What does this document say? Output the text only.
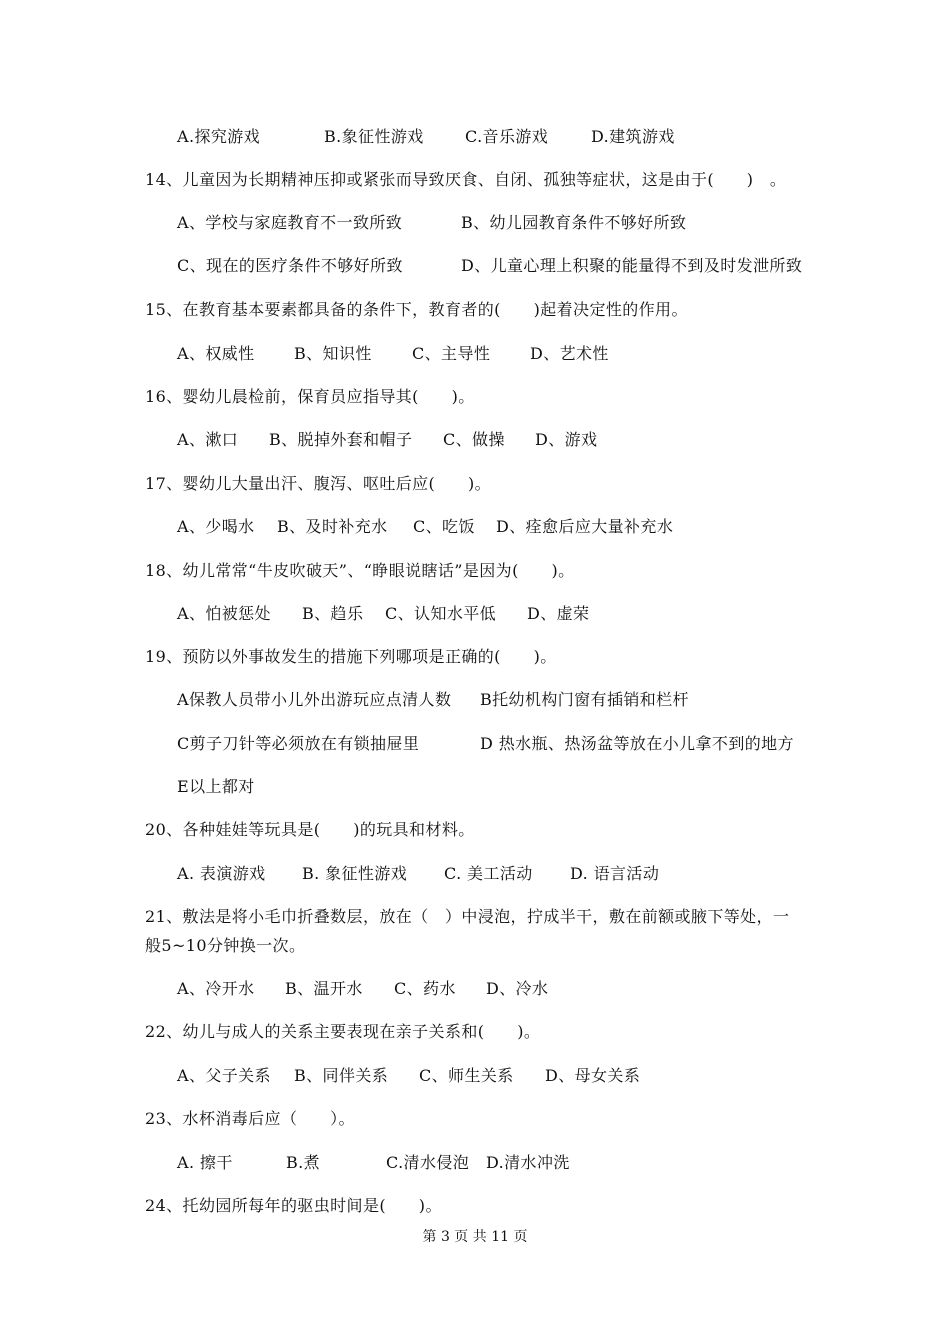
A.探究游戏	B.象征性游戏	C.音乐游戏	D.建筑游戏
14、儿童因为长期精神压抑或紧张而导致厌食、自闭、孤独等症状，这是由于(　　)　。
A、学校与家庭教育不一致所致	B、幼儿园教育条件不够好所致
C、现在的医疗条件不够好所致	D、儿童心理上积聚的能量得不到及时发泄所致
15、在教育基本要素都具备的条件下，教育者的(　　)起着决定性的作用。
A、权威性 B、知识性	C、主导性 D、艺术性
16、婴幼儿晨检前，保育员应指导其(　　)。
A、漱口 B、脱掉外套和帽子 C、做操 D、游戏
17、婴幼儿大量出汗、腹泻、呕吐后应(　　)。
A、少喝水 B、及时补充水 C、吃饭 D、痊愈后应大量补充水
18、幼儿常常“牛皮吹破天”、“睁眼说瞎话”是因为(　　)。
A、怕被惩处 B、趋乐 C、认知水平低 D、虚荣
19、预防以外事故发生的措施下列哪项是正确的(　　)。
A保教人员带小儿外出游玩应点清人数 B托幼机构门窗有插销和栏杆
C剪子刀针等必须放在有锁抽屉里	D 热水瓶、热汤盆等放在小儿拿不到的地方
E以上都对
20、各种娃娃等玩具是(　　)的玩具和材料。
A. 表演游戏 B. 象征性游戏 C. 美工活动 D. 语言活动
21、敷法是将小毛巾折叠数层，放在（　）中浸泡，拧成半干，敷在前额或腋下等处，一
般5~10分钟换一次。
A、冷开水 B、温开水 C、药水 D、冷水
22、幼儿与成人的关系主要表现在亲子关系和(　　)。
A、父子关系 B、同伴关系 C、师生关系 D、母女关系
23、水杯消毒后应（　　）。
A. 擦干	B.煮	C.清水侵泡 D.清水冲洗
24、托幼园所每年的驱虫时间是(　　)。
第 3 页 共 11 页
